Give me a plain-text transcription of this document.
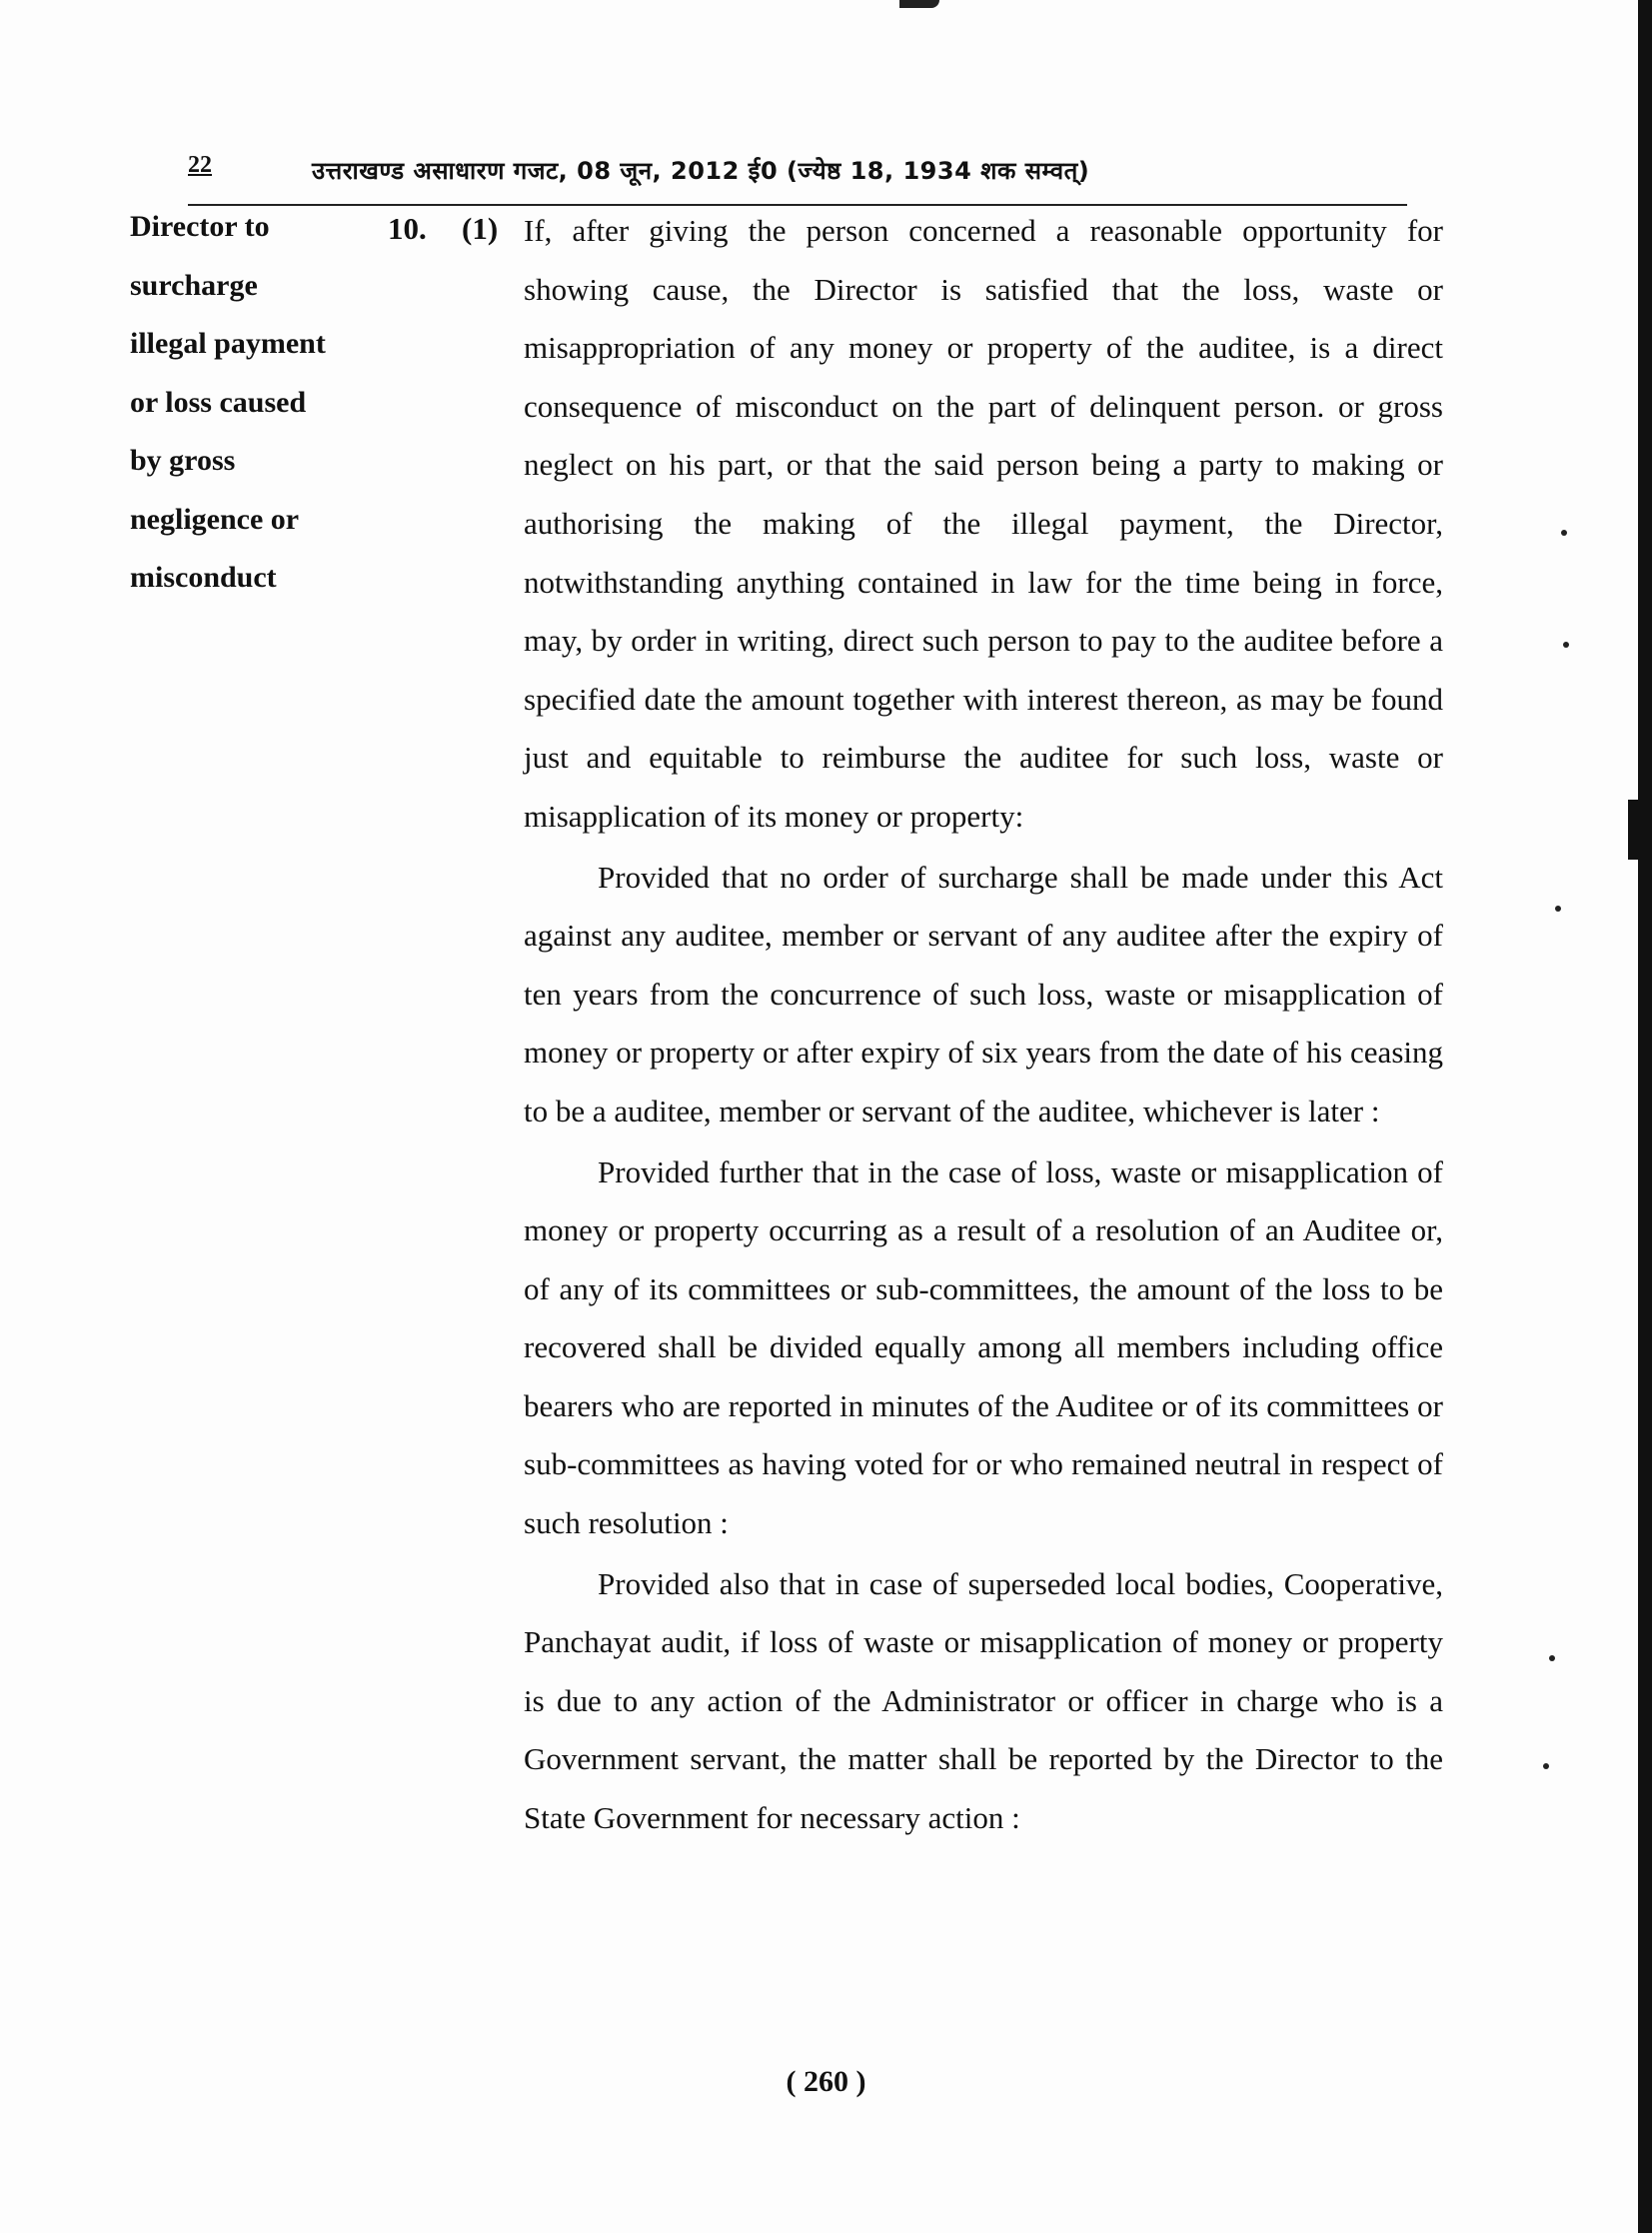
22	उत्तराखण्ड असाधारण गजट, 08 जून, 2012 ई0 (ज्येष्ठ 18, 1934 शक सम्वत्)
Director to
surcharge
illegal payment
or loss caused
by gross
negligence or
misconduct
10. (1) If, after giving the person concerned a reasonable opportunity for showing cause, the Director is satisfied that the loss, waste or misappropriation of any money or property of the auditee, is a direct consequence of misconduct on the part of delinquent person. or gross neglect on his part, or that the said person being a party to making or authorising the making of the illegal payment, the Director, notwithstanding anything contained in law for the time being in force, may, by order in writing, direct such person to pay to the auditee before a specified date the amount together with interest thereon, as may be found just and equitable to reimburse the auditee for such loss, waste or misapplication of its money or property:

Provided that no order of surcharge shall be made under this Act against any auditee, member or servant of any auditee after the expiry of ten years from the concurrence of such loss, waste or misapplication of money or property or after expiry of six years from the date of his ceasing to be a auditee, member or servant of the auditee, whichever is later :

Provided further that in the case of loss, waste or misapplication of money or property occurring as a result of a resolution of an Auditee or, of any of its committees or sub-committees, the amount of the loss to be recovered shall be divided equally among all members including office bearers who are reported in minutes of the Auditee or of its committees or sub-committees as having voted for or who remained neutral in respect of such resolution :

Provided also that in case of superseded local bodies, Cooperative, Panchayat audit, if loss of waste or misapplication of money or property is due to any action of the Administrator or officer in charge who is a Government servant, the matter shall be reported by the Director to the State Government for necessary action :

( 260 )
